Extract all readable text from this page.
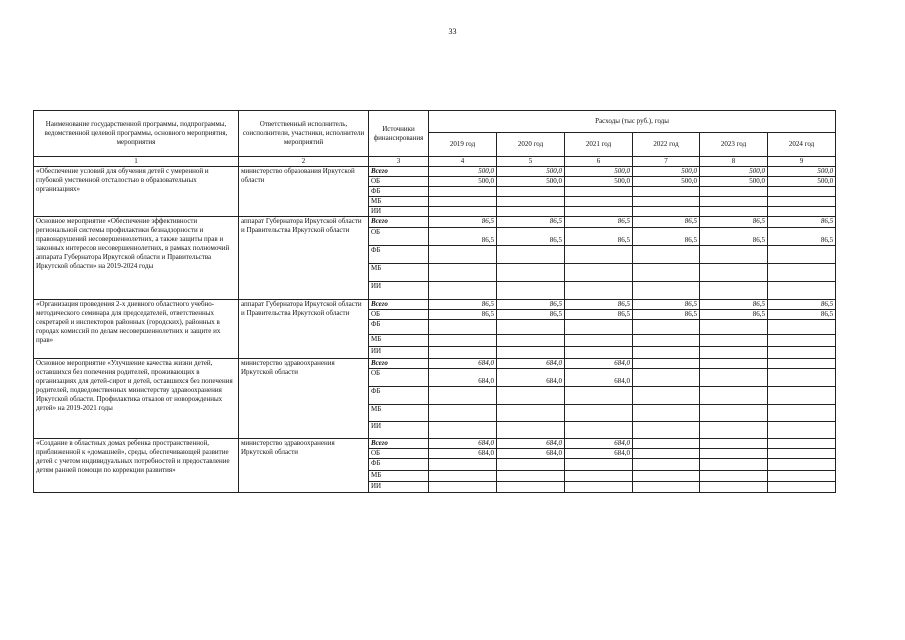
33
Наименование государственной программы, подпрограммы, ведомственной целевой программы, основного мероприятия, мероприятия	Ответственный исполнитель, соисполнители, участники, исполнители мероприятий	Источники финансирования	Расходы (тыс руб.), годы					
			2019 год	2020 год	2021 год	2022 год	2023 год	2024 год
1	2	3	4	5	6	7	8	9
«Обеспечение условий для обучения детей с умеренной и глубокой умственной отсталостью в образовательных организациях»	министерство образования Иркутской области	Всего	500,0	500,0	500,0	500,0	500,0	500,0
		ОБ	500,0	500,0	500,0	500,0	500,0	500,0
		ФБ						
		МБ						
		ИИ						
Основное мероприятие «Обеспечение эффективности региональной системы профилактики безнадзорности и правонарушений несовершеннолетних, а также защиты прав и законных интересов несовершеннолетних, в рамках полномочий аппарата Губернатора Иркутской области и Правительства Иркутской области» на 2019-2024 годы	аппарат Губернатора Иркутской области и Правительства Иркутской области	Всего	86,5	86,5	86,5	86,5	86,5	86,5
		ОБ	86,5	86,5	86,5	86,5	86,5	86,5
		ФБ						
		МБ						
		ИИ						
«Организация проведения 2-х дневного областного учебно-методического семинара для председателей, ответственных секретарей и инспекторов районных (городских), районных в городах комиссий по делам несовершеннолетних и защите их прав»	аппарат Губернатора Иркутской области и Правительства Иркутской области	Всего	86,5	86,5	86,5	86,5	86,5	86,5
		ОБ	86,5	86,5	86,5	86,5	86,5	86,5
		ФБ						
		МБ						
		ИИ						
Основное мероприятие «Улучшение качества жизни детей, оставшихся без попечения родителей, проживающих в организациях для детей-сирот и детей, оставшихся без попечения родителей, подведомственных министерству здравоохранения Иркутской области. Профилактика отказов от новорожденных детей» на 2019-2021 годы	министерство здравоохранения Иркутской области	Всего	684,0	684,0	684,0			
		ОБ	684,0	684,0	684,0			
		ФБ						
		МБ						
		ИИ						
«Создание в областных домах ребенка пространственной, приближенной к «домашней», среды, обеспечивающей развитие детей с учетом индивидуальных потребностей и предоставление детям ранней помощи по коррекции развития»	министерство здравоохранения Иркутской области	Всего	684,0	684,0	684,0			
		ОБ	684,0	684,0	684,0			
		ФБ						
		МБ						
		ИИ						
